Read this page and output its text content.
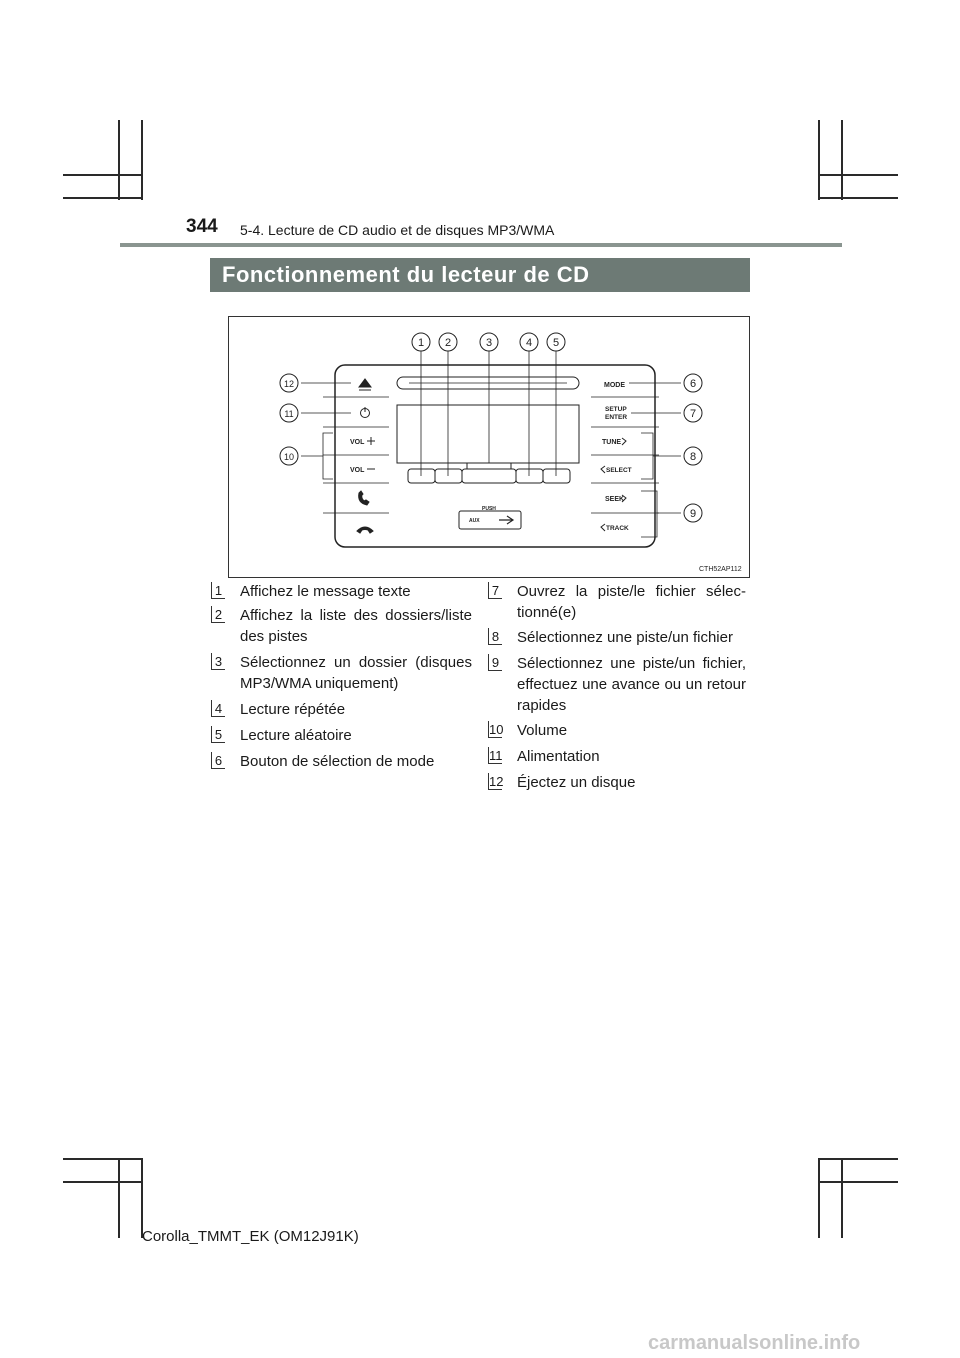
344 5-4. Lecture de CD audio et de disques MP3/WMA
Fonctionnement du lecteur de CD
VOL
VOL
MODE
SETUP
ENTER
TUNE
SELECT
SEEK
TRACK
PUSH
AUX
1 2	3	4 5
6
7
8
9
10
11
12
CTH52AP112
1 Affichez le message texte
2 Affichez la liste des dossiers/liste des pistes
3 Sélectionnez un dossier (disques MP3/WMA uniquement)
4 Lecture répétée
5 Lecture aléatoire
6 Bouton de sélection de mode
7 Ouvrez la piste/le fichier sélec-tionné(e)
8 Sélectionnez une piste/un fichier
9 Sélectionnez une piste/un fichier, effectuez une avance ou un retour rapides
10 Volume
11 Alimentation
12 Éjectez un disque
Corolla_TMMT_EK (OM12J91K)
carmanualsonline.info
